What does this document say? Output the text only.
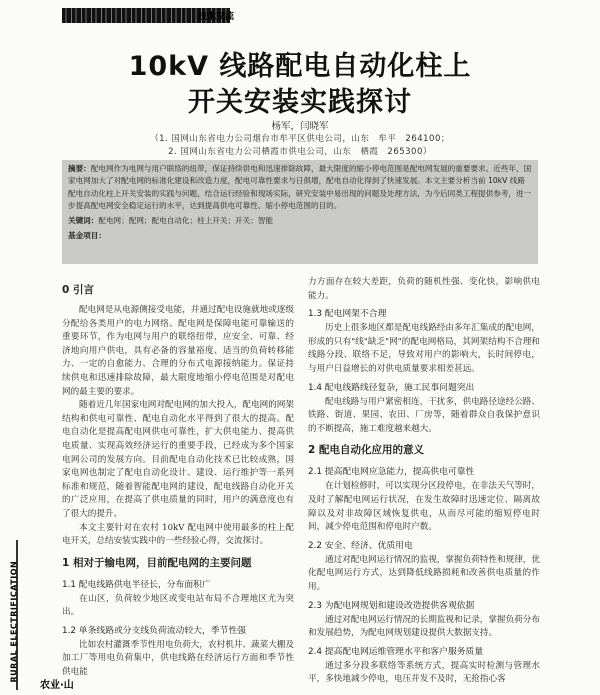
技术交流
10kV 线路配电自动化柱上
开关安装实践探讨
杨军，闫晓军
（1. 国网山东省电力公司烟台市牟平区供电公司，山东　牟平　264100；
2. 国网山东省电力公司栖霞市供电公司，山东　栖霞　265300）

摘要：配电网作为电网与用户联络的纽带，保证持续供电和迅速排除故障，最大限度的缩小停电范围是配电网发展的重要要求。近些年，国家电网加大了对配电网的标准化建设和改造力度，配电可靠性要求与日俱增，配电自动化得到了快速发展。本文主要分析当前 10kV 线路配电自动化柱上开关安装的实践与问题，结合运行经验和现场实际，研究安装中易出现的问题及处理方法，为今后同类工程提供参考，进一步提高配电网安全稳定运行的水平，达到提高供电可靠性、缩小停电范围的目的。

关键词：配电网；配网；配电自动化；柱上开关；开关；智能

基金项目：

0 引言

配电网是从电源侧接受电能，并通过配电设施就地或逐级分配给各类用户的电力网络。配电网是保障电能可靠输送的重要环节，作为电网与用户的联络纽带，应安全、可靠、经济地向用户供电，具有必备的容量裕度、适当的负荷转移能力、一定的自愈能力、合理的分布式电源接纳能力。保证持续供电和迅速排除故障，最大限度地缩小停电范围是对配电网的最主要的要求。

随着近几年国家电网对配电网的加大投入，配电网的网架结构和供电可靠性、配电自动化水平得到了很大的提高。配电自动化是提高配电网供电可靠性，扩大供电能力、提高供电质量、实现高效经济运行的重要手段，已经成为多个国家电网公司的发展方向。目前配电自动化技术已比较成熟，国家电网也制定了配电自动化设计、建设、运行维护等一系列标准和规范，随着智能配电网的建设，配电线路自动化开关的广泛应用，在提高了供电质量的同时，用户的满意度也有了很大的提升。

本文主要针对在农村 10kV 配电网中使用最多的柱上配电开关，总结安装实践中的一些经验心得，交流探讨。

1 相对于输电网，目前配电网的主要问题
1.1 配电线路供电半径长，分布面积广

在山区，负荷较少地区或变电站布局不合理地区尤为突出。

1.2 单条线路或分支线负荷流动较大，季节性强

比如农村灌溉季节性用电负荷大，农村机井、蔬菜大棚及加工厂等用电负荷集中，供电线路在经济运行方面和季节性供电能

力方面存在较大差距，负荷的随机性强、变化快，影响供电能力。

1.3 配电网架不合理

历史上很多地区都是配电线路经由多年汇集成的配电网，形成的只有"线"缺乏"网"的配电网格局，其网架结构不合理和线路分段、联络不足，导致对用户的影响大，长时间停电，与用户日益增长的对供电质量要求相差甚远。

1.4 配电线路线径复杂，施工民事问题突出

配电线路与用户紧密相连，干扰多，供电路径途经公路、铁路、街道、果园、农田、厂房等，随着群众自我保护意识的不断提高，施工难度越来越大。

2 配电自动化应用的意义
2.1 提高配电网应急能力，提高供电可靠性

在计划检修时，可以实现分区段停电，在非法天气等时，及时了解配电网运行状况，在发生故障时迅速定位、隔离故障以及对非故障区域恢复供电，从而尽可能的缩短停电时间，减少停电范围和停电时户数。

2.2 安全、经济、优质用电

通过对配电网运行情况的监视，掌握负荷特性和规律，优化配电网运行方式，达到降低线路损耗和改善供电质量的作用。

2.3 为配电网规划和建设改造提供客观依据

通过对配电网运行情况的长期监视和记录，掌握负荷分布和发展趋势，为配电网规划建设提供大数据支持。

2.4 提高配电网运维管理水平和客户服务质量

通过多分段多联络等系统方式，提高实时检测与管理水平，多快地减少停电，电压并发不及时，无抢指心客

RURAL ELECTRIFICATION
农业·山
